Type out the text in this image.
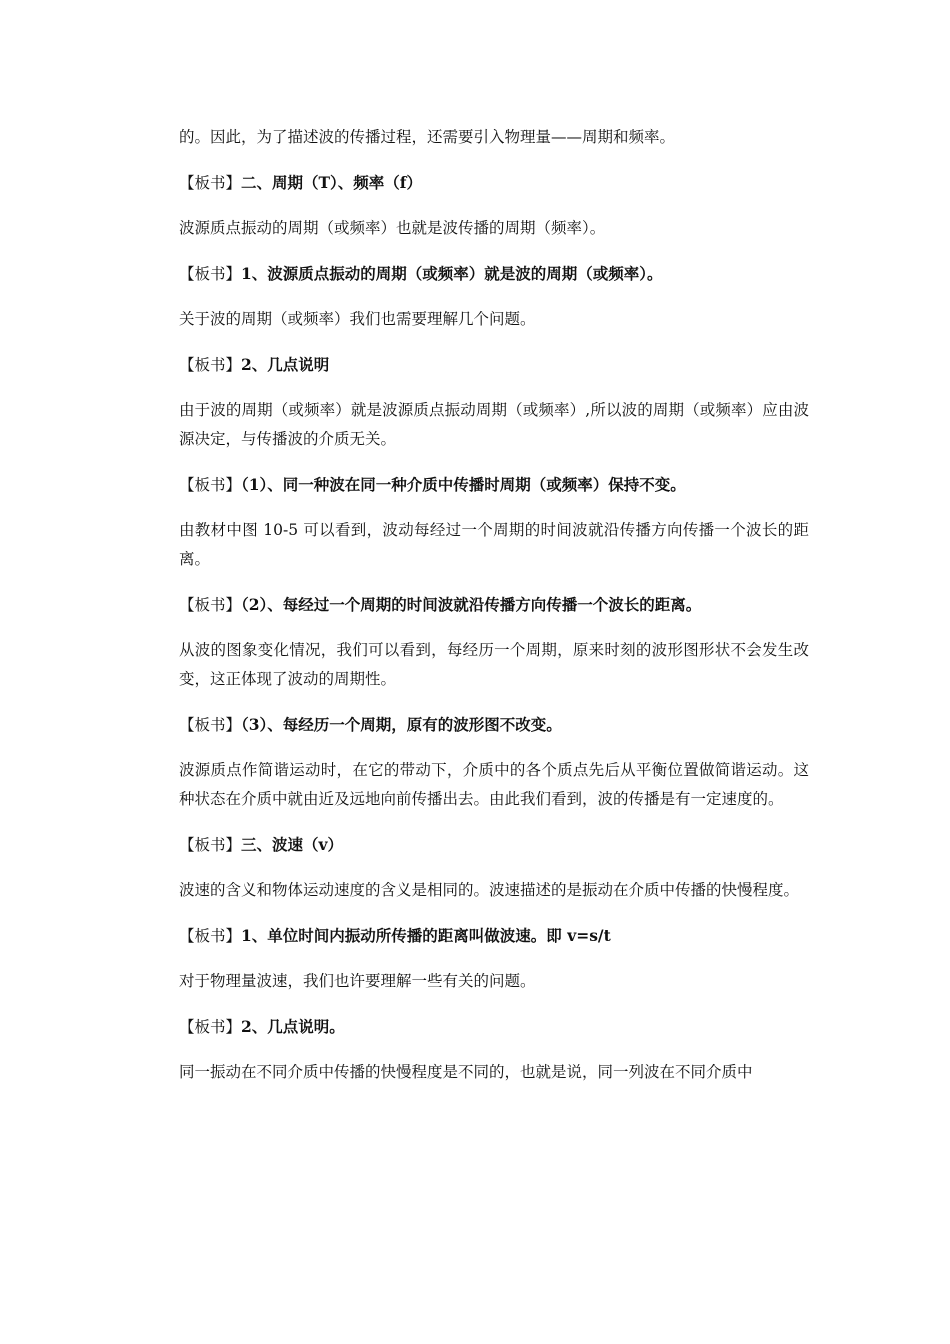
的。因此，为了描述波的传播过程，还需要引入物理量——周期和频率。

【板书】二、周期（T）、频率（f）

波源质点振动的周期（或频率）也就是波传播的周期（频率）。

【板书】1、波源质点振动的周期（或频率）就是波的周期（或频率）。

关于波的周期（或频率）我们也需要理解几个问题。

【板书】2、几点说明

由于波的周期（或频率）就是波源质点振动周期（或频率）,所以波的周期（或频率）应由波源决定，与传播波的介质无关。

【板书】（1）、同一种波在同一种介质中传播时周期（或频率）保持不变。

由教材中图 10-5 可以看到，波动每经过一个周期的时间波就沿传播方向传播一个波长的距离。

【板书】（2）、每经过一个周期的时间波就沿传播方向传播一个波长的距离。

从波的图象变化情况，我们可以看到，每经历一个周期，原来时刻的波形图形状不会发生改变，这正体现了波动的周期性。

【板书】（3）、每经历一个周期，原有的波形图不改变。

波源质点作简谐运动时，在它的带动下，介质中的各个质点先后从平衡位置做简谐运动。这种状态在介质中就由近及远地向前传播出去。由此我们看到，波的传播是有一定速度的。

【板书】三、波速（v）

波速的含义和物体运动速度的含义是相同的。波速描述的是振动在介质中传播的快慢程度。

【板书】1、单位时间内振动所传播的距离叫做波速。即 v=s/t

对于物理量波速，我们也许要理解一些有关的问题。

【板书】2、几点说明。

同一振动在不同介质中传播的快慢程度是不同的，也就是说，同一列波在不同介质中
